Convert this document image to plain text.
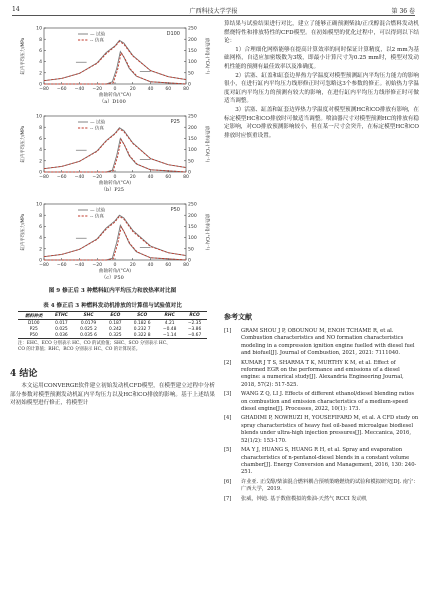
14	广西科技大学学报	第 36 卷
−80 −60 −40 −20 0	20	40	60	80
曲轴转角/(°CA)
0
2
4
6
8
10
0
50
100
150
200
250
缸内平均压力/MPa	放热率/(J·(°CA)⁻¹)
D100
— 试验
-- 仿真
（a）D100
−80 −60 −40 −20 0	20	40	60	80
曲轴转角/(°CA)
0
2
4
6
8
10
0
50
100
150
200
250
缸内平均压力/MPa	放热率/(J·(°CA)⁻¹)
P25
— 试验
-- 仿真
（b）P25
−80 −60 −40 −20 0	20	40	60	80
曲轴转角/(°CA)
0
2
4
6
8
10
0
50
100
150
200
250
缸内平均压力/MPa	放热率/(J·(°CA)⁻¹)
P50
— 试验
-- 仿真
（c）P50
图 9 修正后 3 种燃料缸内平均压力和放热率对比图
表 4 修正后 3 种燃料发动机排放的计算值与试验值对比
燃料种类	ETHC	SHC	ECO	SCO	RHC	RCO
D100	0.017	0.0179	0.187	0.182 6	4.21	−2.35
P25	0.025	0.025 2	0.242	0.232 7	−0.48	−3.86
P50	0.036	0.035 6	0.325	0.322 8	−1.14	−0.67
注：EHC、ECO 分别表示 HC、CO 的试验值；SHC、SCO 分别表示 HC、
CO 的计算值；RHC、RCO 分别表示 HC、CO 的计算误差。
4 结论

本文运用CONVERGE软件建立初始发动机CFD模型，在模型建立过程中分析部分参数对模型预测发动机缸内平均压力以及HC和CO排放的影响。基于上述结果对初始模型进行修正，将模型计

算结果与试验结果进行对比，建立了能够正确预测柴油/正戊醇混合燃料发动机燃烧特性和排放特性的CFD模型。在初始模型的优化过程中，可以得到以下结论：

1）合理细化网格能够在提高计算效率的同时保证计算精度，以2 mm为基础网格，自适应加密级数为3级，即最小计算尺寸为0.25 mm时，模型对发动机性能的预测有最佳效率以及准确度。

2）活塞、缸盖和缸套边界热力学温度对模型预测缸内平均压力能力的影响很小，在进行缸内平均压力线形修正时可忽略这3个参数的修正。初始热力学温度对缸内平均压力的预测有较大的影响，在进行缸内平均压力线形修正时可做适当调整。

3）活塞、缸盖和缸套边界热力学温度对模型预测HC和CO排放有影响，在标定模型HC和CO排放时可做适当调整。喷油器尺寸对模型预测HC的排放有稳定影响，对CO排放预测影响较小，但在某一尺寸会突升，在标定模型HC和CO排放时应慎重设置。

参考文献
[1]	GRAM SHOU J P, OBOUNOU M, ENOH TCHAME R, et al. Combustion characteristics and NO formation characteristics modeling in a compression ignition engine fuelled with diesel fuel and biofuel[J]. Journal of Combustion, 2021, 2021: 7111040.
[2]	KUMAR J T S, SHARMA T K, MURTHY K M, et al. Effect of reformed EGR on the performance and emissions of a diesel engine: a numerical study[J]. Alexandria Engineering Journal, 2018, 57(2): 517-525.
[3]	WANG Z Q, LI J. Effects of different ethanol/diesel blending ratios on combustion and emission characteristics of a medium-speed diesel engine[J]. Processes, 2022, 10(1): 173.
[4]	GHADIMI P, NOWRUZI H, YOUSEFIFARD M, et al. A CFD study on spray characteristics of heavy fuel oil-based microalgae biodiesel blends under ultra-high injection pressures[J]. Meccanica, 2016, 52(1/2): 153-170.
[5]	MA Y J, HUANG S, HUANG R H, et al. Spray and evaporation characteristics of n-pentanol-diesel blends in a constant volume chamber[J]. Energy Conversion and Management, 2016, 130: 240-251.
[6]	许业亚. 正戊醇/柴油混合燃料耦合预喷策略燃烧的试验和模拟研究[D]. 南宁：广西大学，2019.
[7]	张威，钟迪. 基于数值模拟的柴油-天然气 RCCI 发动机
